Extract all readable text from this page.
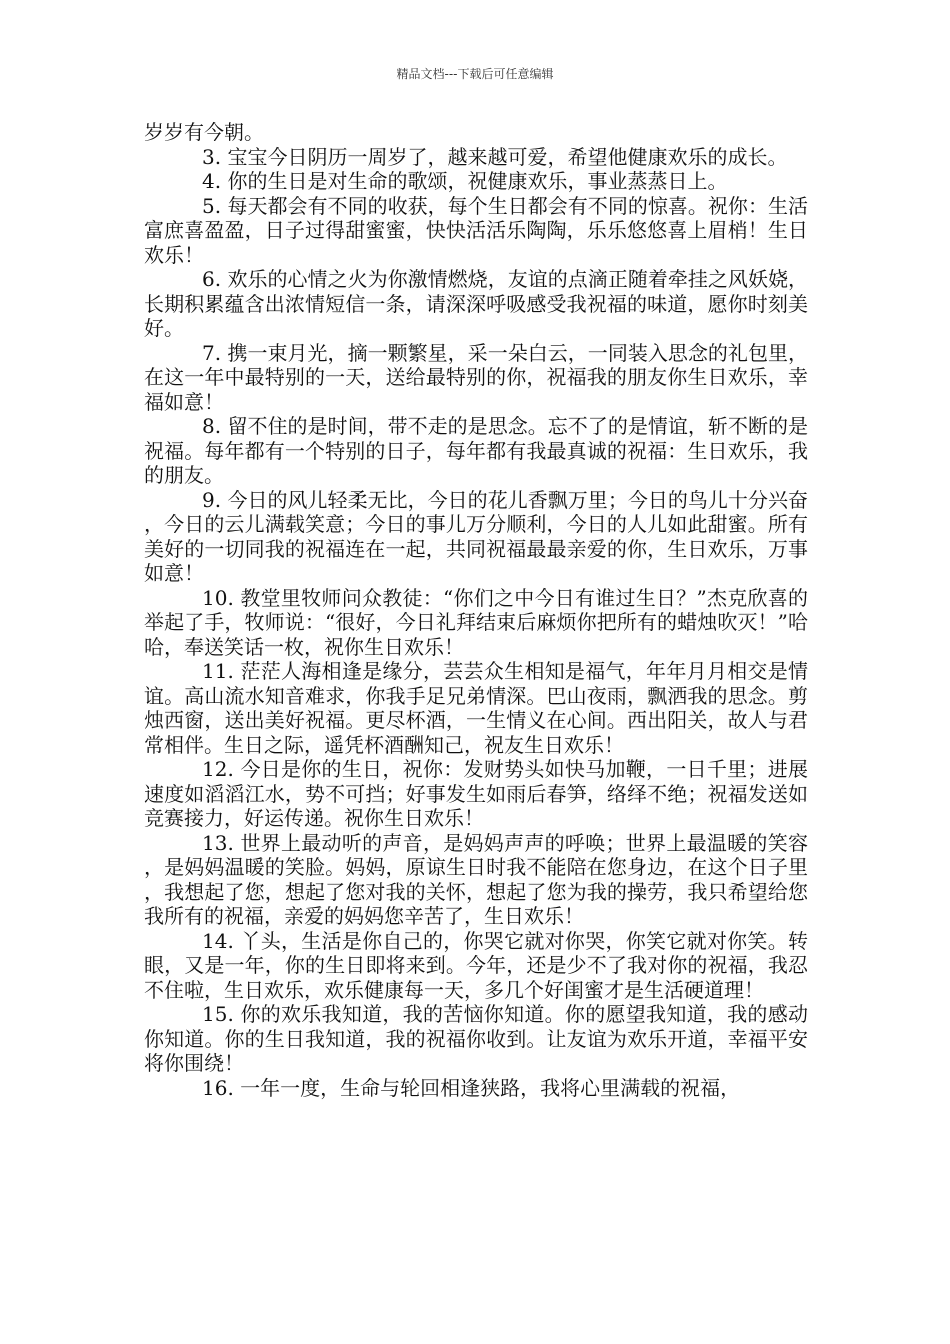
精品文档---下载后可任意编辑

岁岁有今朝。

3. 宝宝今日阴历一周岁了，越来越可爱，希望他健康欢乐的成长。

4. 你的生日是对生命的歌颂，祝健康欢乐，事业蒸蒸日上。

5. 每天都会有不同的收获，每个生日都会有不同的惊喜。祝你：生活富庶喜盈盈，日子过得甜蜜蜜，快快活活乐陶陶，乐乐悠悠喜上眉梢！生日欢乐！

6. 欢乐的心情之火为你激情燃烧，友谊的点滴正随着牵挂之风妖娆，长期积累蕴含出浓情短信一条，请深深呼吸感受我祝福的味道，愿你时刻美好。

7. 携一束月光，摘一颗繁星，采一朵白云，一同装入思念的礼包里，在这一年中最特别的一天，送给最特别的你，祝福我的朋友你生日欢乐，幸福如意！

8. 留不住的是时间，带不走的是思念。忘不了的是情谊，斩不断的是祝福。每年都有一个特别的日子，每年都有我最真诚的祝福：生日欢乐，我的朋友。

9. 今日的风儿轻柔无比，今日的花儿香飘万里；今日的鸟儿十分兴奋，今日的云儿满载笑意；今日的事儿万分顺利，今日的人儿如此甜蜜。所有美好的一切同我的祝福连在一起，共同祝福最最亲爱的你，生日欢乐，万事如意！

10. 教堂里牧师问众教徒：“你们之中今日有谁过生日？”杰克欣喜的举起了手，牧师说：“很好，今日礼拜结束后麻烦你把所有的蜡烛吹灭！”哈哈，奉送笑话一枚，祝你生日欢乐！

11. 茫茫人海相逢是缘分，芸芸众生相知是福气，年年月月相交是情谊。高山流水知音难求，你我手足兄弟情深。巴山夜雨，飘洒我的思念。剪烛西窗，送出美好祝福。更尽杯酒，一生情义在心间。西出阳关，故人与君常相伴。生日之际，遥凭杯酒酬知己，祝友生日欢乐！

12. 今日是你的生日，祝你：发财势头如快马加鞭，一日千里；进展速度如滔滔江水，势不可挡；好事发生如雨后春笋，络绎不绝；祝福发送如竞赛接力，好运传递。祝你生日欢乐！

13. 世界上最动听的声音，是妈妈声声的呼唤；世界上最温暖的笑容，是妈妈温暖的笑脸。妈妈，原谅生日时我不能陪在您身边，在这个日子里，我想起了您，想起了您对我的关怀，想起了您为我的操劳，我只希望给您我所有的祝福，亲爱的妈妈您辛苦了，生日欢乐！

14. 丫头，生活是你自己的，你哭它就对你哭，你笑它就对你笑。转眼，又是一年，你的生日即将来到。今年，还是少不了我对你的祝福，我忍不住啦，生日欢乐，欢乐健康每一天，多几个好闺蜜才是生活硬道理！

15. 你的欢乐我知道，我的苦恼你知道。你的愿望我知道，我的感动你知道。你的生日我知道，我的祝福你收到。让友谊为欢乐开道，幸福平安将你围绕！

16. 一年一度，生命与轮回相逢狭路，我将心里满载的祝福，
